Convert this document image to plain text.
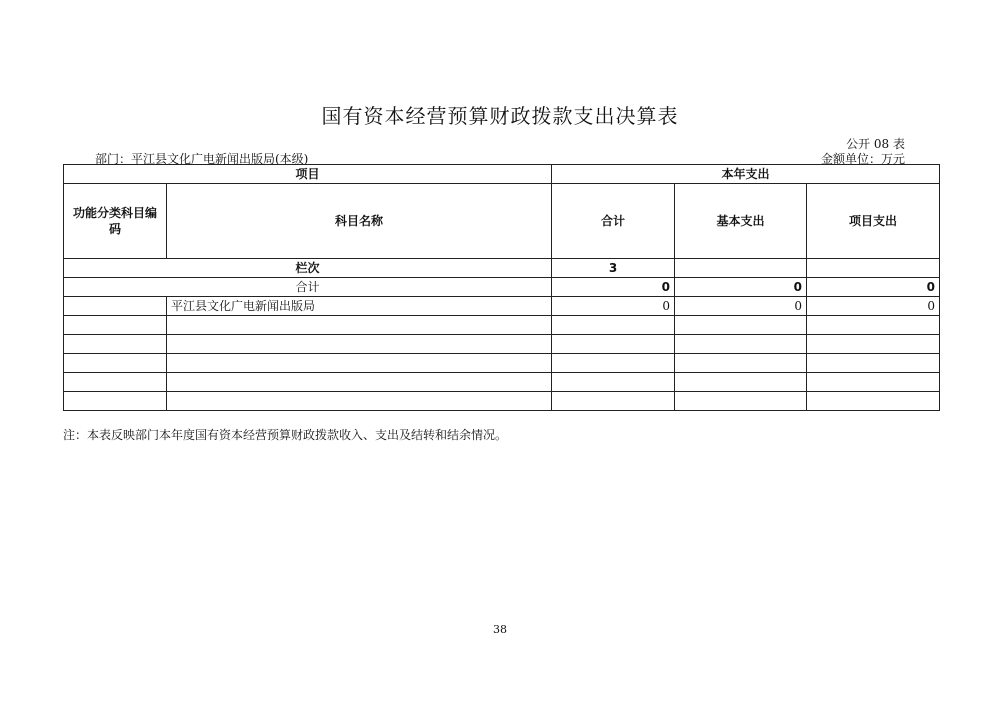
国有资本经营预算财政拨款支出决算表
公开 08 表
部门：平江县文化广电新闻出版局(本级)	金额单位：万元
项目		本年支出		
功能分类科目编码	科目名称	合计	基本支出	项目支出
栏次		3		
合计		0	0	0
	平江县文化广电新闻出版局	0	0	0

注：本表反映部门本年度国有资本经营预算财政拨款收入、支出及结转和结余情况。
38
